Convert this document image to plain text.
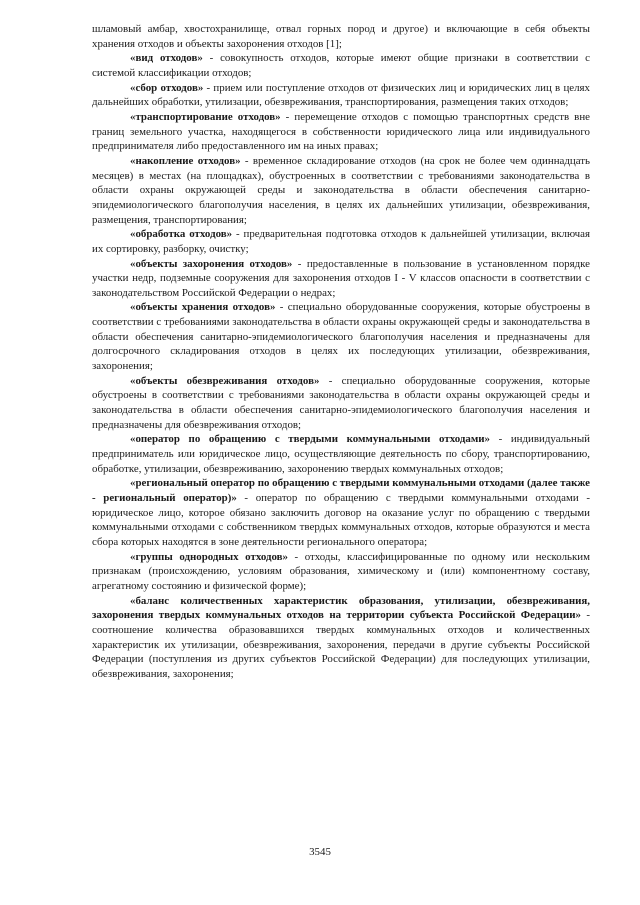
шламовый амбар, хвостохранилище, отвал горных пород и другое) и включающие в себя объекты хранения отходов и объекты захоронения отходов [1];

«вид отходов» - совокупность отходов, которые имеют общие признаки в соответствии с системой классификации отходов;

«сбор отходов» - прием или поступление отходов от физических лиц и юридических лиц в целях дальнейших обработки, утилизации, обезвреживания, транспортирования, размещения таких отходов;

«транспортирование отходов» - перемещение отходов с помощью транспортных средств вне границ земельного участка, находящегося в собственности юридического лица или индивидуального предпринимателя либо предоставленного им на иных правах;

«накопление отходов» - временное складирование отходов (на срок не более чем одиннадцать месяцев) в местах (на площадках), обустроенных в соответствии с требованиями законодательства в области охраны окружающей среды и законодательства в области обеспечения санитарно-эпидемиологического благополучия населения, в целях их дальнейших утилизации, обезвреживания, размещения, транспортирования;

«обработка отходов» - предварительная подготовка отходов к дальнейшей утилизации, включая их сортировку, разборку, очистку;

«объекты захоронения отходов» - предоставленные в пользование в установленном порядке участки недр, подземные сооружения для захоронения отходов I - V классов опасности в соответствии с законодательством Российской Федерации о недрах;

«объекты хранения отходов» - специально оборудованные сооружения, которые обустроены в соответствии с требованиями законодательства в области охраны окружающей среды и законодательства в области обеспечения санитарно-эпидемиологического благополучия населения и предназначены для долгосрочного складирования отходов в целях их последующих утилизации, обезвреживания, захоронения;

«объекты обезвреживания отходов» - специально оборудованные сооружения, которые обустроены в соответствии с требованиями законодательства в области охраны окружающей среды и законодательства в области обеспечения санитарно-эпидемиологического благополучия населения и предназначены для обезвреживания отходов;

«оператор по обращению с твердыми коммунальными отходами» - индивидуальный предприниматель или юридическое лицо, осуществляющие деятельность по сбору, транспортированию, обработке, утилизации, обезвреживанию, захоронению твердых коммунальных отходов;

«региональный оператор по обращению с твердыми коммунальными отходами (далее также - региональный оператор)» - оператор по обращению с твердыми коммунальными отходами - юридическое лицо, которое обязано заключить договор на оказание услуг по обращению с твердыми коммунальными отходами с собственником твердых коммунальных отходов, которые образуются и места сбора которых находятся в зоне деятельности регионального оператора;

«группы однородных отходов» - отходы, классифицированные по одному или нескольким признакам (происхождению, условиям образования, химическому и (или) компонентному составу, агрегатному состоянию и физической форме);

«баланс количественных характеристик образования, утилизации, обезвреживания, захоронения твердых коммунальных отходов на территории субъекта Российской Федерации» - соотношение количества образовавшихся твердых коммунальных отходов и количественных характеристик их утилизации, обезвреживания, захоронения, передачи в другие субъекты Российской Федерации (поступления из других субъектов Российской Федерации) для последующих утилизации, обезвреживания, захоронения;

3545
